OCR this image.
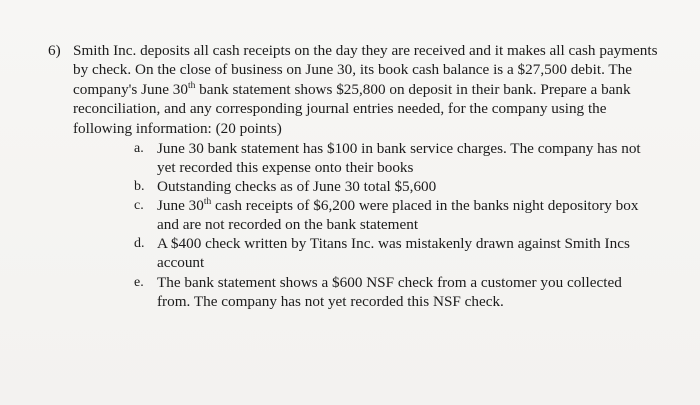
6) Smith Inc. deposits all cash receipts on the day they are received and it makes all cash payments by check. On the close of business on June 30, its book cash balance is a $27,500 debit. The company's June 30th bank statement shows $25,800 on deposit in their bank. Prepare a bank reconciliation, and any corresponding journal entries needed, for the company using the following information: (20 points)
a. June 30 bank statement has $100 in bank service charges. The company has not yet recorded this expense onto their books
b. Outstanding checks as of June 30 total $5,600
c. June 30th cash receipts of $6,200 were placed in the banks night depository box and are not recorded on the bank statement
d. A $400 check written by Titans Inc. was mistakenly drawn against Smith Incs account
e. The bank statement shows a $600 NSF check from a customer you collected from. The company has not yet recorded this NSF check.
